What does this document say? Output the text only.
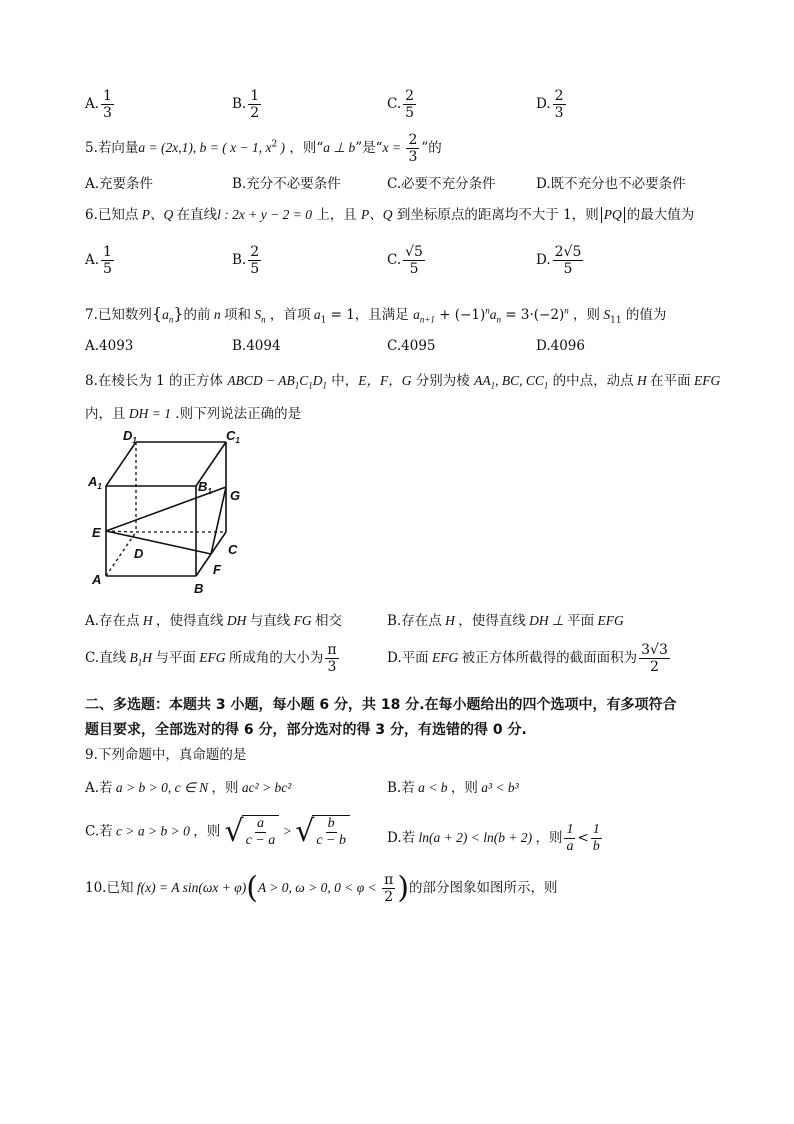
A. $\frac{1}{3}$	B. $\frac{1}{2}$	C. $\frac{2}{5}$	D. $\frac{2}{3}$
5.若向量a = (2x,1), b = ( x − 1, $x^2$ ) ，则“a ⊥ b”是“$x = \frac{2}{3}$ ”的
A.充要条件	B.充分不必要条件	C.必要不充分条件	D.既不充分也不必要条件
6.已知点 P、Q 在直线l : 2x + y − 2 = 0 上，且 P、Q 到坐标原点的距离均不大于 1，则 PQ 的最大值为
A. $\frac{1}{5}$	B. $\frac{2}{5}$	C. $\frac{√5}{5}$	D. $\frac{2√5}{5}$
7.已知数列$\{a_n\}$的前 n 项和 $S_n$ ，首项 $a_1 = 1$，且满足 $a_{n+1} + (-1)^na_n = 3\cdot(-2)^n$ ，则 $S_{11}$ 的值为
A.4093	B.4094	C.4095	D.4096
8.在棱长为 1 的正方体 ABCD − $AB_1C_1D_1$ 中，E，F，G 分别为棱 $AA_1$, BC, $CC_1$ 的中点，动点 H 在平面 EFG
内，且 DH = 1 .则下列说法正确的是
$D_1$	$C_1$
$A_1$	$B_1$ G
E
D	C
F
A
B
A.存在点 H ，使得直线 DH 与直线 FG 相交	B.存在点 H ，使得直线 DH ⊥ 平面 EFG
C.直线 $B_1H$ 与平面 EFG 所成角的大小为 $\frac{\pi}{3}$	D.平面 EFG 被正方体所截得的截面面积为 $\frac{3√3}{2}$
二、多选题：本题共 3 小题，每小题 6 分，共 18 分.在每小题给出的四个选项中，有多项符合
题目要求，全部选对的得 6 分，部分选对的得 3 分，有选错的得 0 分.
9.下列命题中，真命题的是
A.若 a > b > 0, c ∈ N ，则 ac² > bc²	B.若 a < b ，则 a³ < b³
C.若 c > a > b > 0 ，则 √ $\frac{a}{c - a}$ > √ $\frac{b}{c - b}$	D.若 ln(a + 2) < ln(b + 2) ，则 $\frac{1}{a} < \frac{1}{b}$
10.已知 f(x) = A sin(ωx + φ)(A > 0, ω > 0, $0 < \varphi < \frac{\pi}{2}$ )的部分图象如图所示，则
